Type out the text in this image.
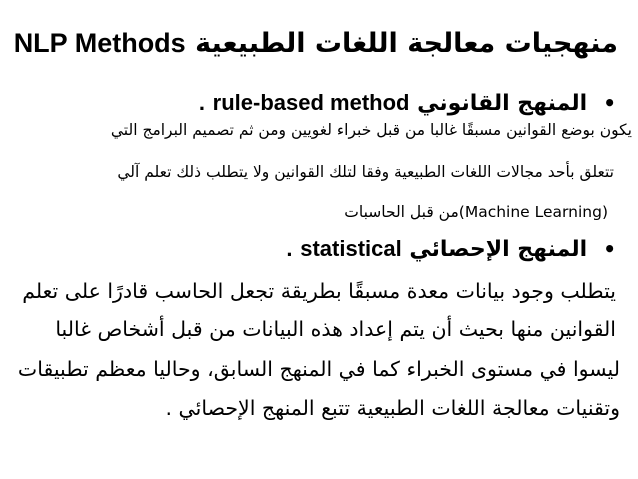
منهجيات معالجة اللغات الطبيعية NLP Methods
•المنهج القانوني rule-based method .
يكون بوضع القوانين مسبقًا غالبا من قبل خبراء لغويين ومن ثم تصميم البرامج التي
تتعلق بأحد مجالات اللغات الطبيعية وفقا لتلك القوانين ولا يتطلب ذلك تعلم آلي
(Machine Learning)من قبل الحاسبات
•المنهج الإحصائي statistical .
يتطلب وجود بيانات معدة مسبقًا بطريقة تجعل الحاسب قادرًا على تعلم
القوانين منها بحيث أن يتم إعداد هذه البيانات من قبل أشخاص غالبا
ليسوا في مستوى الخبراء كما في المنهج السابق، وحاليا معظم تطبيقات
وتقنيات معالجة اللغات الطبيعية تتبع المنهج الإحصائي .
